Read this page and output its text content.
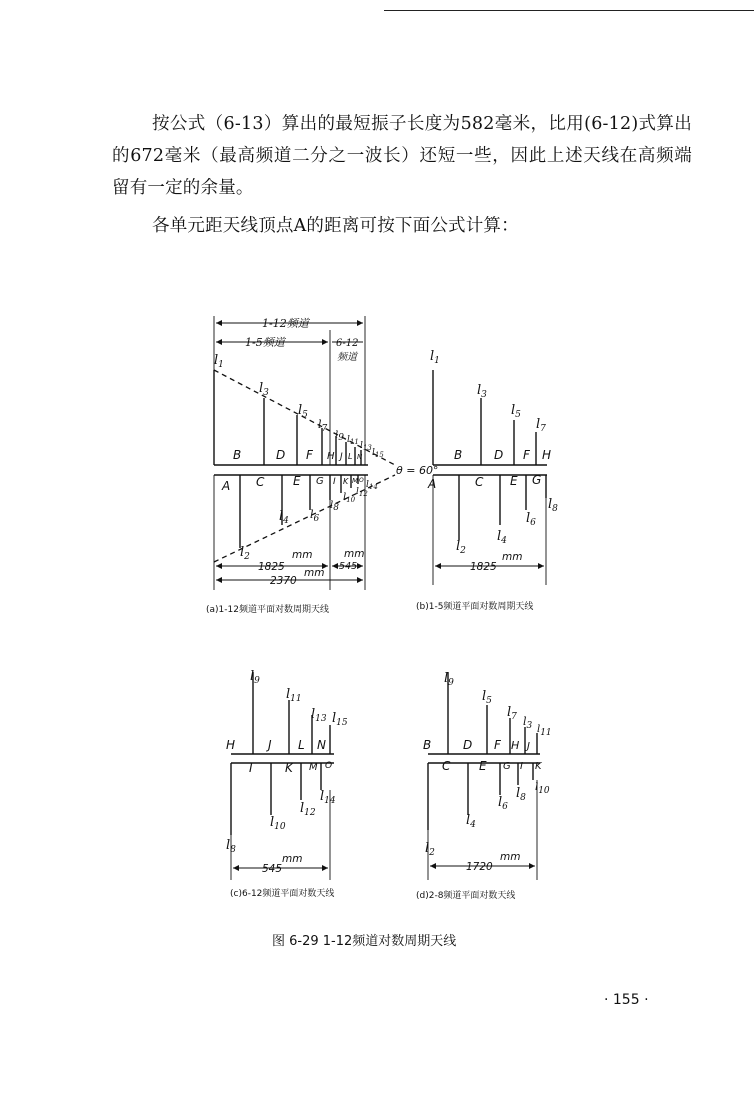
按公式（6-13）算出的最短振子长度为582毫米，比用(6-12)式算出的672毫米（最高频道二分之一波长）还短一些，因此上述天线在高频端留有一定的余量。

各单元距天线顶点A的距离可按下面公式计算：

1-12频道
1-5频道	6-12
频道
1825
mm
545
mm
2370
mm
θ = 60°
B	D F H J L N
A C E G I K M O
$l_1$
$l_3$
$l_5$
$l_7$
l9 $l_{11}$ $l_{13}$ $l_{15}$
$l_2$
$l_4$ $l_6$
l8
$l_{10}$
$l_{12}$
$l_{14}$
(a)1-12频道平面对数周期天线
1825
mm
B	D F H
A	C E G
$l_1$
$l_3$
$l_5$
$l_7$
$l_2$
$l_4$
$l_6$
$l_8$
(b)1-5频道平面对数周期天线
545
mm
H	J L N
I	K M O
$l_9$
$l_{11}$
$l_{13}$ $l_{15}$
$l_8$
$l_{10}$
$l_{12}$
$l_{14}$
(c)6-12频道平面对数天线
1720
mm
B	D F H J
C E G I K
$l_9$
$l_5$
$l_7$ $l_3$ l11
$l_2$
$l_4$
$l_6$
$l_8$
l10
(d)2-8频道平面对数天线
图 6-29 1-12频道对数周期天线
· 155 ·
